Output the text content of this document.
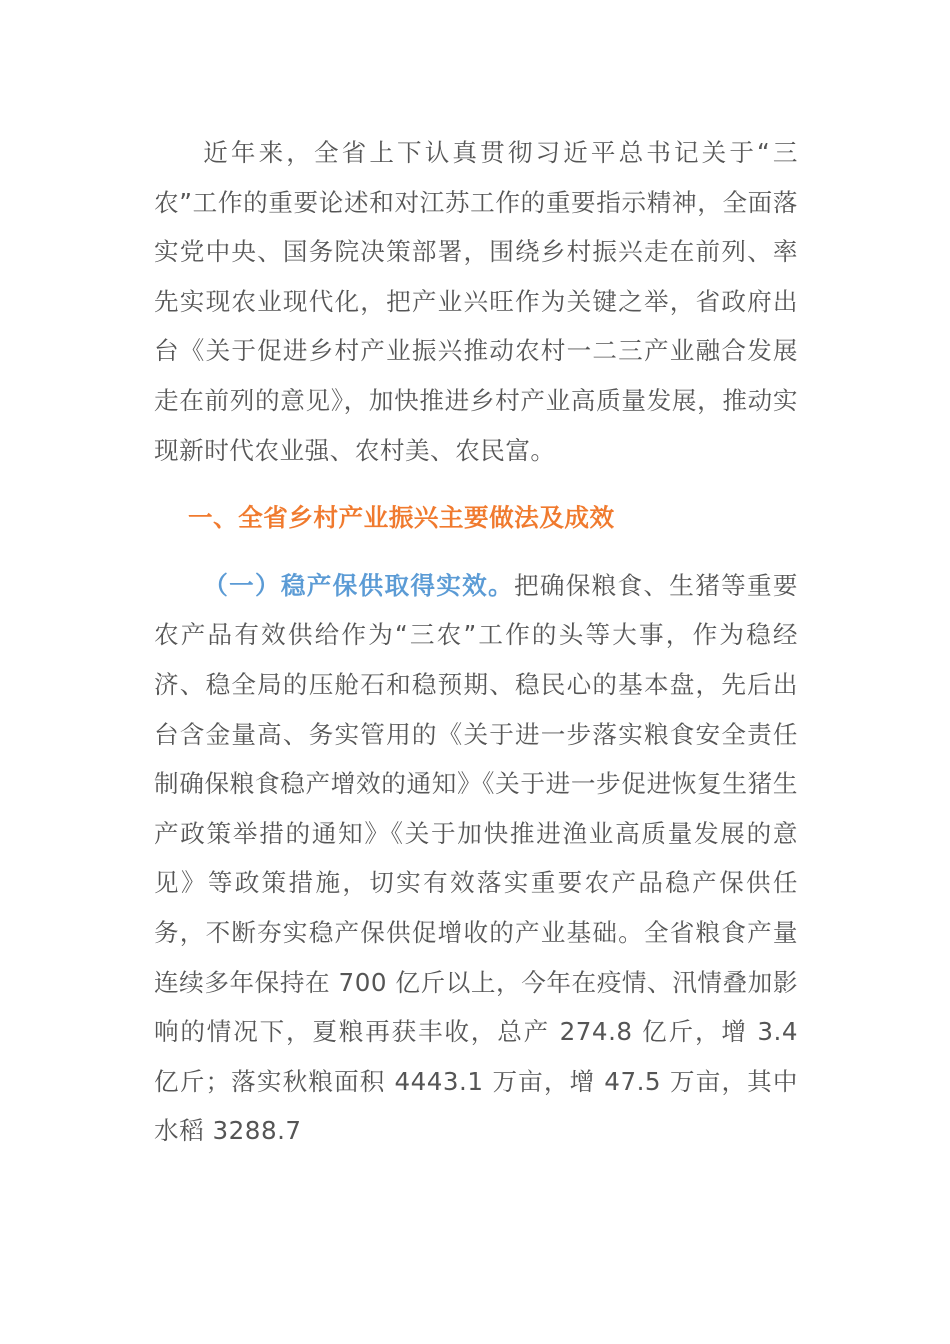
近年来，全省上下认真贯彻习近平总书记关于“三农”工作的重要论述和对江苏工作的重要指示精神，全面落实党中央、国务院决策部署，围绕乡村振兴走在前列、率先实现农业现代化，把产业兴旺作为关键之举，省政府出台《关于促进乡村产业振兴推动农村一二三产业融合发展走在前列的意见》，加快推进乡村产业高质量发展，推动实现新时代农业强、农村美、农民富。

一、全省乡村产业振兴主要做法及成效

（一）稳产保供取得实效。把确保粮食、生猪等重要农产品有效供给作为“三农”工作的头等大事，作为稳经济、稳全局的压舱石和稳预期、稳民心的基本盘，先后出台含金量高、务实管用的《关于进一步落实粮食安全责任制确保粮食稳产增效的通知》《关于进一步促进恢复生猪生产政策举措的通知》《关于加快推进渔业高质量发展的意见》等政策措施，切实有效落实重要农产品稳产保供任务，不断夯实稳产保供促增收的产业基础。全省粮食产量连续多年保持在 700 亿斤以上，今年在疫情、汛情叠加影响的情况下，夏粮再获丰收，总产 274.8 亿斤，增 3.4 亿斤；落实秋粮面积 4443.1 万亩，增 47.5 万亩，其中水稻 3288.7
